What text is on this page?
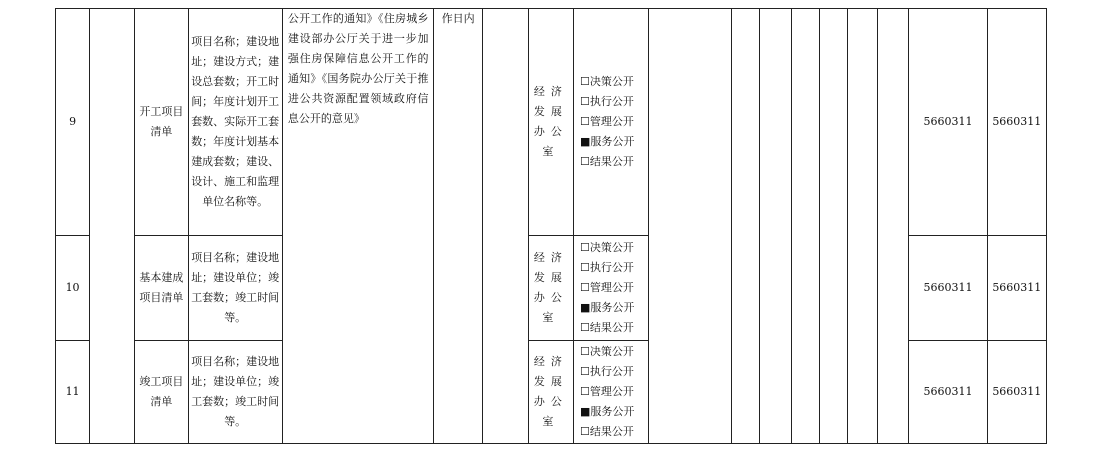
9		开工项目清单	项目名称；建设地址；建设方式；建设总套数；开工时间；年度计划开工套数、实际开工套数；年度计划基本建成套数；建设、设计、施工和监理单位名称等。	公开工作的通知》《住房城乡建设部办公厅关于进一步加强住房保障信息公开工作的通知》《国务院办公厅关于推进公共资源配置领域政府信息公开的意见》	作日内		经济发展办公室	☐决策公开
☐执行公开
☐管理公开
■服务公开
☐结果公开								5660311	5660311
10		基本建成项目清单	项目名称；建设地址；建设单位；竣工套数；竣工时间等。				经济发展办公室	☐决策公开
☐执行公开
☐管理公开
■服务公开
☐结果公开								5660311	5660311
11		竣工项目清单	项目名称；建设地址；建设单位；竣工套数；竣工时间等。				经济发展办公室	☐决策公开
☐执行公开
☐管理公开
■服务公开
☐结果公开								5660311	5660311
